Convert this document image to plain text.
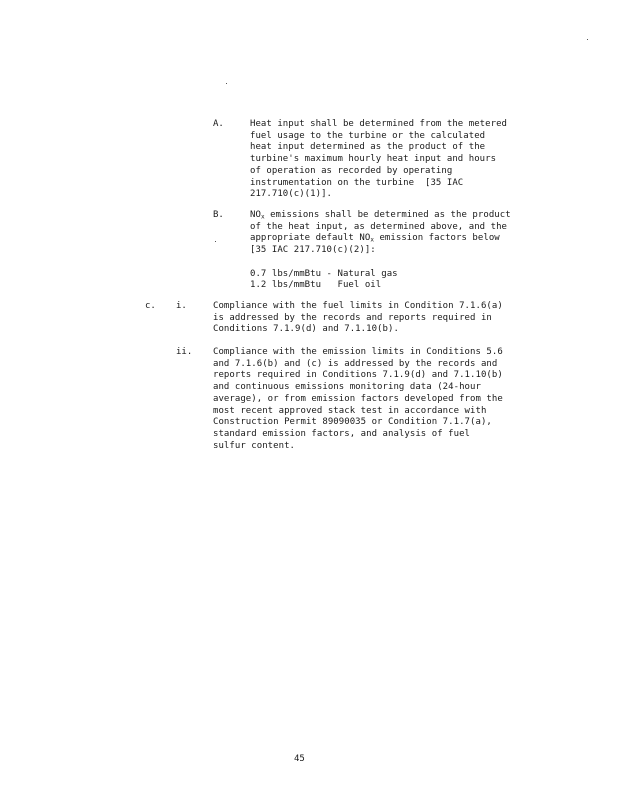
A.	Heat input shall be determined from the metered
fuel usage to the turbine or the calculated
heat input determined as the product of the
turbine's maximum hourly heat input and hours
of operation as recorded by operating
instrumentation on the turbine  [35 IAC
217.710(c)(1)].
B.	$NO_x$ emissions shall be determined as the product
of the heat input, as determined above, and the
appropriate default $NO_x$ emission factors below
[35 IAC 217.710(c)(2)]:
0.7 lbs/mmBtu - Natural gas
1.2 lbs/mmBtu   Fuel oil
c. i.	Compliance with the fuel limits in Condition 7.1.6(a)
is addressed by the records and reports required in
Conditions 7.1.9(d) and 7.1.10(b).
ii. Compliance with the emission limits in Conditions 5.6
and 7.1.6(b) and (c) is addressed by the records and
reports required in Conditions 7.1.9(d) and 7.1.10(b)
and continuous emissions monitoring data (24-hour
average), or from emission factors developed from the
most recent approved stack test in accordance with
Construction Permit 89090035 or Condition 7.1.7(a),
standard emission factors, and analysis of fuel
sulfur content.
45
